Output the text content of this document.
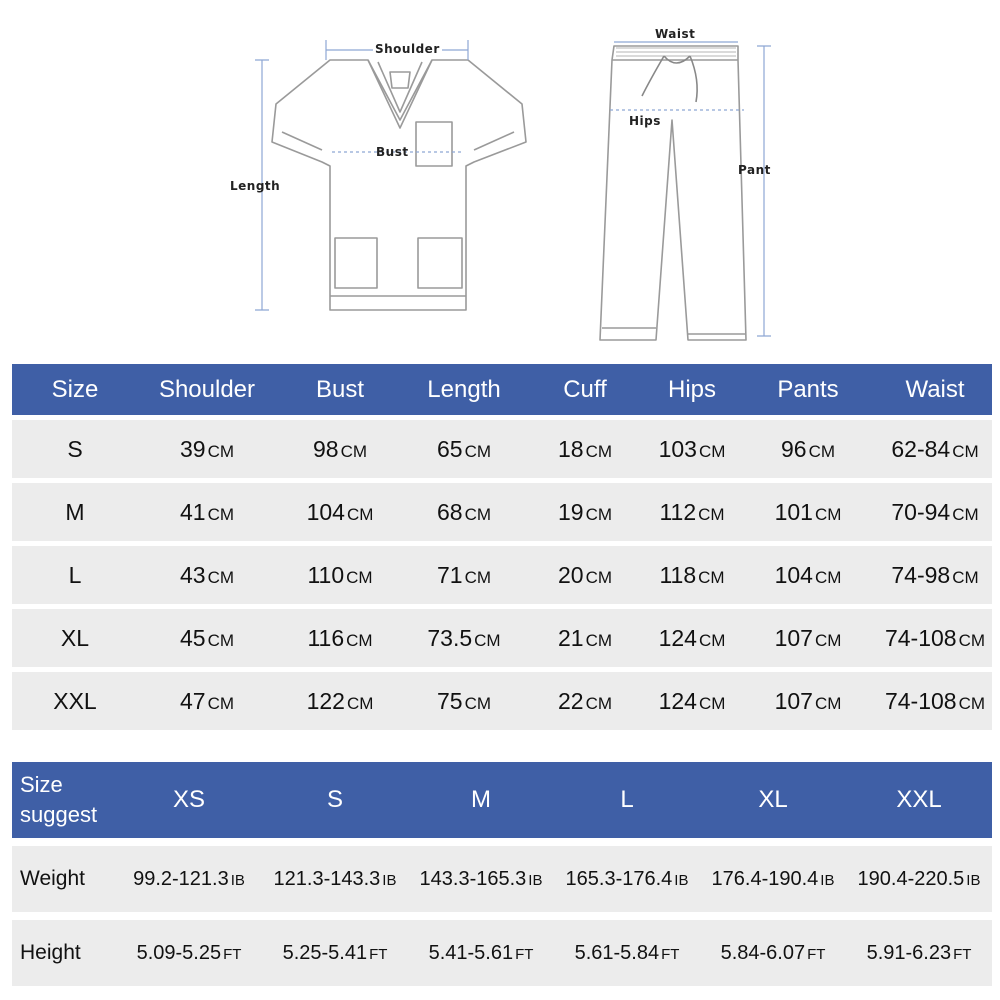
Shoulder
Bust
Length
Waist
Hips
Pant
Size	Shoulder	Bust	Length	Cuff	Hips	Pants	Waist
S	39 CM	98 CM	65 CM	18 CM	103 CM	96 CM	62-84 CM
M	41 CM	104 CM	68 CM	19 CM	112 CM	101 CM	70-94 CM
L	43 CM	110 CM	71 CM	20 CM	118 CM	104 CM	74-98 CM
XL	45 CM	116 CM	73.5 CM	21 CM	124 CM	107 CM	74-108 CM
XXL	47 CM	122 CM	75 CM	22 CM	124 CM	107 CM	74-108 CM
Size suggest
XS	S	M	L	XL	XXL
Weight	99.2-121.3 IB	121.3-143.3 IB	143.3-165.3 IB	165.3-176.4 IB	176.4-190.4 IB	190.4-220.5 IB
Height	5.09-5.25 FT	5.25-5.41 FT	5.41-5.61 FT	5.61-5.84 FT	5.84-6.07 FT	5.91-6.23 FT
